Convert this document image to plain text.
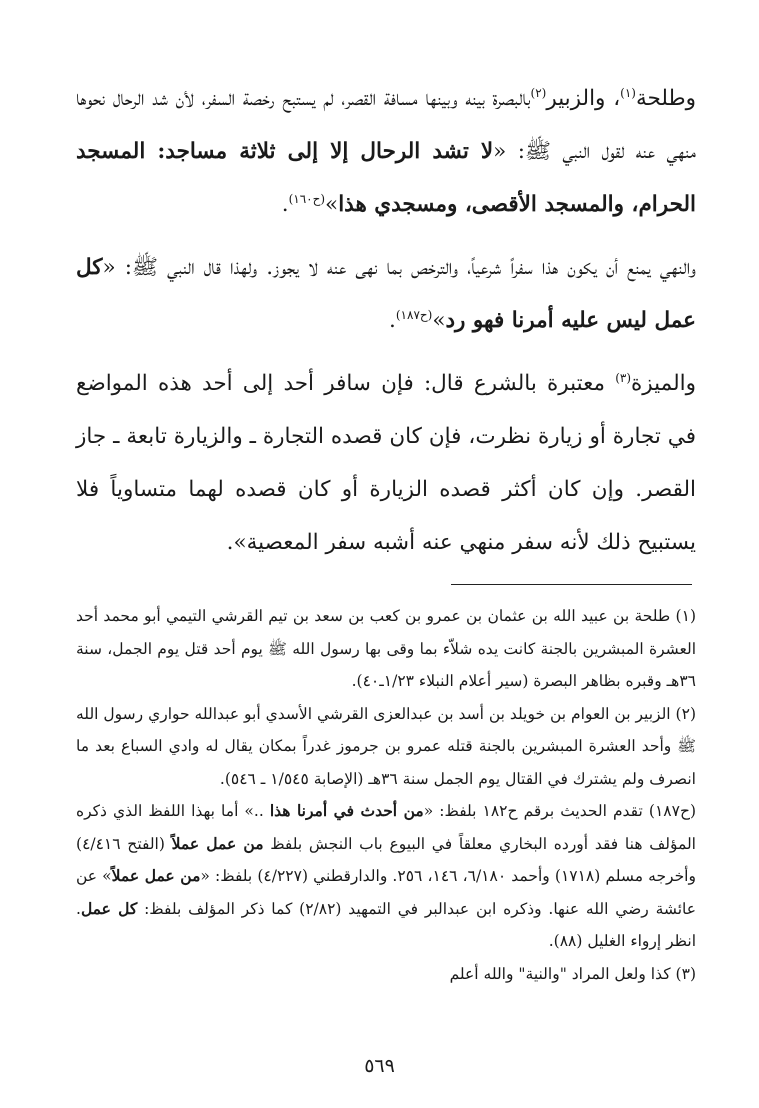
وطلحة$^{(١)}$، والزبير$^{(٢)}$بالبصرة بينه وبينها مسافة القصر، لم يستبح رخصة السفر، لأن شد الرحال نحوها منهي عنه لقول النبي ﷺ: «لا تشد الرحال إلا إلى ثلاثة مساجد: المسجد الحرام، والمسجد الأقصى، ومسجدي هذا»$^{(ح١٦٠)}$.

والنهي يمنع أن يكون هذا سفراً شرعياً، والترخص بما نهى عنه لا يجوز. ولهذا قال النبي ﷺ: «كل عمل ليس عليه أمرنا فهو رد»$^{(ح١٨٧)}$.

والميزة$^{(٣)}$ معتبرة بالشرع قال: فإن سافر أحد إلى أحد هذه المواضع في تجارة أو زيارة نظرت، فإن كان قصده التجارة ـ والزيارة تابعة ـ جاز القصر. وإن كان أكثر قصده الزيارة أو كان قصده لهما متساوياً فلا يستبيح ذلك لأنه سفر منهي عنه أشبه سفر المعصية».

(١) طلحة بن عبيد الله بن عثمان بن عمرو بن كعب بن سعد بن تيم القرشي التيمي أبو محمد أحد العشرة المبشرين بالجنة كانت يده شلاّء بما وقى بها رسول الله ﷺ يوم أحد قتل يوم الجمل، سنة ٣٦هـ وقبره بظاهر البصرة (سير أعلام النبلاء ١/٢٣ـ٤٠).

(٢) الزبير بن العوام بن خويلد بن أسد بن عبدالعزى القرشي الأسدي أبو عبدالله حواري رسول الله ﷺ وأحد العشرة المبشرين بالجنة قتله عمرو بن جرموز غدراً بمكان يقال له وادي السباع بعد ما انصرف ولم يشترك في القتال يوم الجمل سنة ٣٦هـ (الإصابة ١/٥٤٥ ـ ٥٤٦).

(ح١٨٧) تقدم الحديث برقم ح١٨٢ بلفظ: «من أحدث في أمرنا هذا ..» أما بهذا اللفظ الذي ذكره المؤلف هنا فقد أورده البخاري معلقاً في البيوع باب النجش بلفظ من عمل عملاً (الفتح ٤/٤١٦) وأخرجه مسلم (١٧١٨) وأحمد ٦/١٨٠، ١٤٦، ٢٥٦. والدارقطني (٤/٢٢٧) بلفظ: «من عمل عملاً» عن عائشة رضي الله عنها. وذكره ابن عبدالبر في التمهيد (٢/٨٢) كما ذكر المؤلف بلفظ: كل عمل. انظر إرواء الغليل (٨٨).

(٣) كذا ولعل المراد "والنية" والله أعلم

٥٦٩
